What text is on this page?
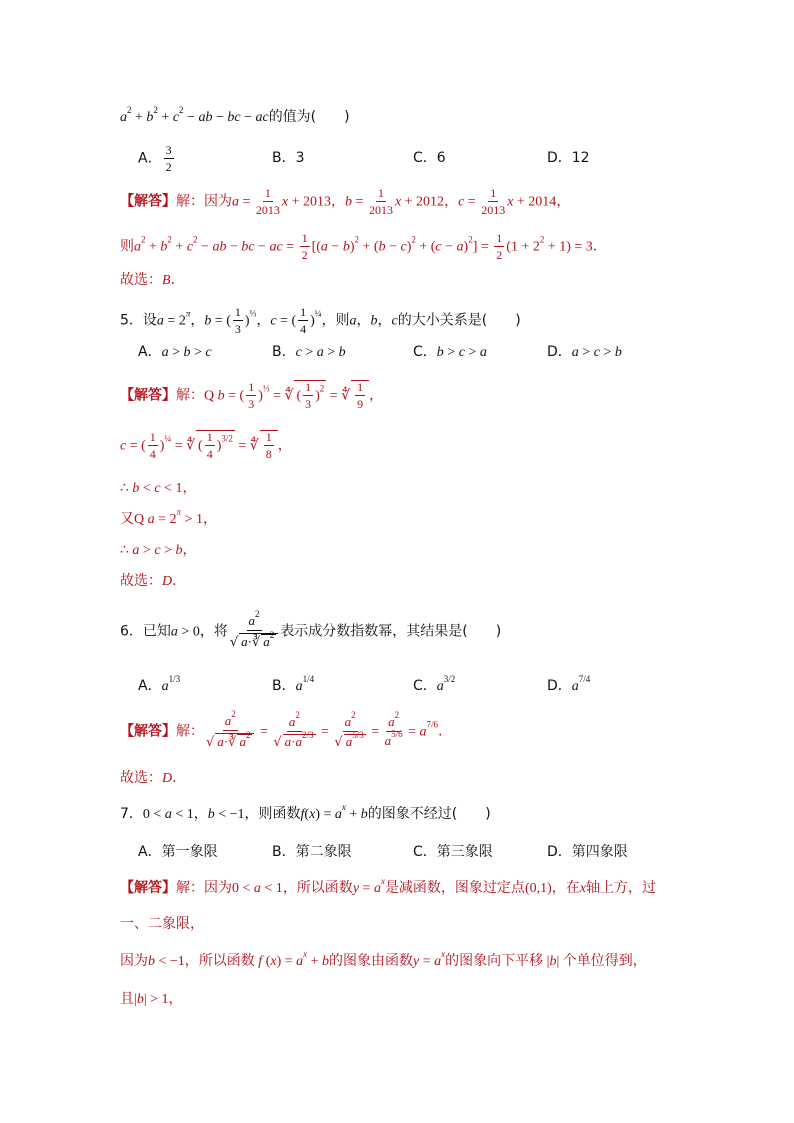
$a^2 + b^2 + c^2$ − ab − bc − ac的值为(　　)
A． $\frac{3}{2}$	B．3	C．6	D．12
【解答】解：因为$a = \frac{1}{2013}$ x + 2013，$b = \frac{1}{2013}$ x + 2012，$c = \frac{1}{2013}$ x + 2014，
则$a^2 + b^2 + c^2$ − ab − bc − ac = $\frac{1}{2} [(a - b)^2 + (b - c)^2 + (c - a)^2] = \frac{1}{2} (1 + 2^2 + 1) = 3$．
故选：B．
5．设$a = 2^\pi$，b = ( $\frac{1}{3} )^{\frac{1}{3}}$，c = ( $\frac{1}{4} )^{\frac{1}{4}}$，则a，b，c的大小关系是(　　)
A．a > b > c	B．c > a > b	C．b > c > a	D．a > c > b
【解答】解：Q b = ( $\frac{1}{3} )^{\frac{1}{3}}$ = ∜ ( $\frac{1}{3} )^2$ = ∜ $\frac{1}{9}$ ，
c = ( $\frac{1}{4} )^{\frac{1}{4}}$ = ∜ ( $\frac{1}{4} )^{3/2}$ = ∜ $\frac{1}{8}$ ，
∴ b < c < 1，
又Q $a = 2^\pi > 1$，
∴ a > c > b，
故选：D．
6．已知a > 0，将 $\frac{a^2}{√ a\cdot∛ a^2}$ 表示成分数指数幂，其结果是(　　)
A．$a^{1/3}$	B．$a^{1/4}$	C．$a^{3/2}$	D．$a^{7/4}$
【解答】解： $\frac{a^2}{√ a\cdot∛ a^2} = \frac{a^2}{√ a\cdot a^{2/3}} = \frac{a^2}{√ a^{5/3}} = \frac{a^2}{a^{5/6}} = a^{7/6}$．
故选：D．
7．0 < a < 1，b < −1，则函数$f(x) = a^x + b$的图象不经过(　　)
A．第一象限	B．第二象限	C．第三象限	D．第四象限
【解答】解：因为0 < a < 1，所以函数$y = a^x$是减函数，图象过定点(0,1)，在x轴上方，过
一、二象限，
因为b < −1，所以函数 f $(x) = a^x + b$的图象由函数$y = a^x$的图象向下平移 |b| 个单位得到，
且|b| > 1，
